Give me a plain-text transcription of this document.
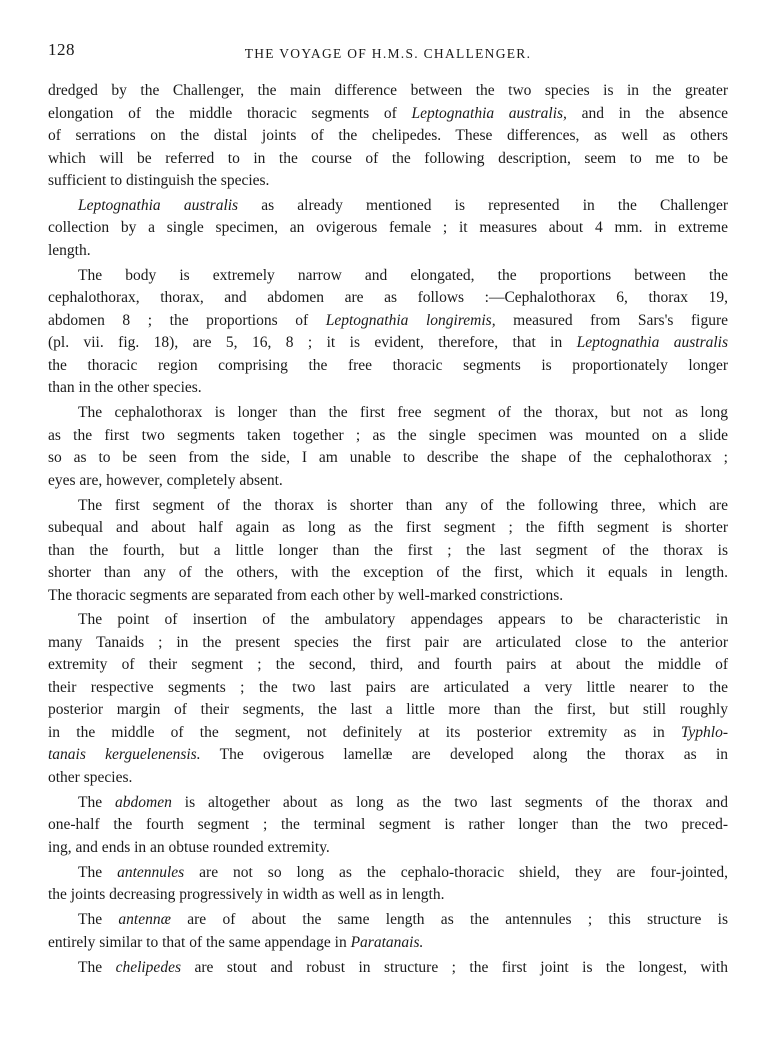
128	THE VOYAGE OF H.M.S. CHALLENGER.
dredged by the Challenger, the main difference between the two species is in the greater
elongation of the middle thoracic segments of Leptognathia australis, and in the absence
of serrations on the distal joints of the chelipedes. These differences, as well as others
which will be referred to in the course of the following description, seem to me to be
sufficient to distinguish the species.
Leptognathia australis as already mentioned is represented in the Challenger
collection by a single specimen, an ovigerous female ; it measures about 4 mm. in extreme
length.
The body is extremely narrow and elongated, the proportions between the
cephalothorax, thorax, and abdomen are as follows :—Cephalothorax 6, thorax 19,
abdomen 8 ; the proportions of Leptognathia longiremis, measured from Sars's figure
(pl. vii. fig. 18), are 5, 16, 8 ; it is evident, therefore, that in Leptognathia australis
the thoracic region comprising the free thoracic segments is proportionately longer
than in the other species.
The cephalothorax is longer than the first free segment of the thorax, but not as long
as the first two segments taken together ; as the single specimen was mounted on a slide
so as to be seen from the side, I am unable to describe the shape of the cephalothorax ;
eyes are, however, completely absent.
The first segment of the thorax is shorter than any of the following three, which are
subequal and about half again as long as the first segment ; the fifth segment is shorter
than the fourth, but a little longer than the first ; the last segment of the thorax is
shorter than any of the others, with the exception of the first, which it equals in length.
The thoracic segments are separated from each other by well-marked constrictions.
The point of insertion of the ambulatory appendages appears to be characteristic in
many Tanaids ; in the present species the first pair are articulated close to the anterior
extremity of their segment ; the second, third, and fourth pairs at about the middle of
their respective segments ; the two last pairs are articulated a very little nearer to the
posterior margin of their segments, the last a little more than the first, but still roughly
in the middle of the segment, not definitely at its posterior extremity as in Typhlo-
tanais kerguelenensis. The ovigerous lamellæ are developed along the thorax as in
other species.
The abdomen is altogether about as long as the two last segments of the thorax and
one-half the fourth segment ; the terminal segment is rather longer than the two preced-
ing, and ends in an obtuse rounded extremity.
The antennules are not so long as the cephalo-thoracic shield, they are four-jointed,
the joints decreasing progressively in width as well as in length.
The antennæ are of about the same length as the antennules ; this structure is
entirely similar to that of the same appendage in Paratanais.
The chelipedes are stout and robust in structure ; the first joint is the longest, with
